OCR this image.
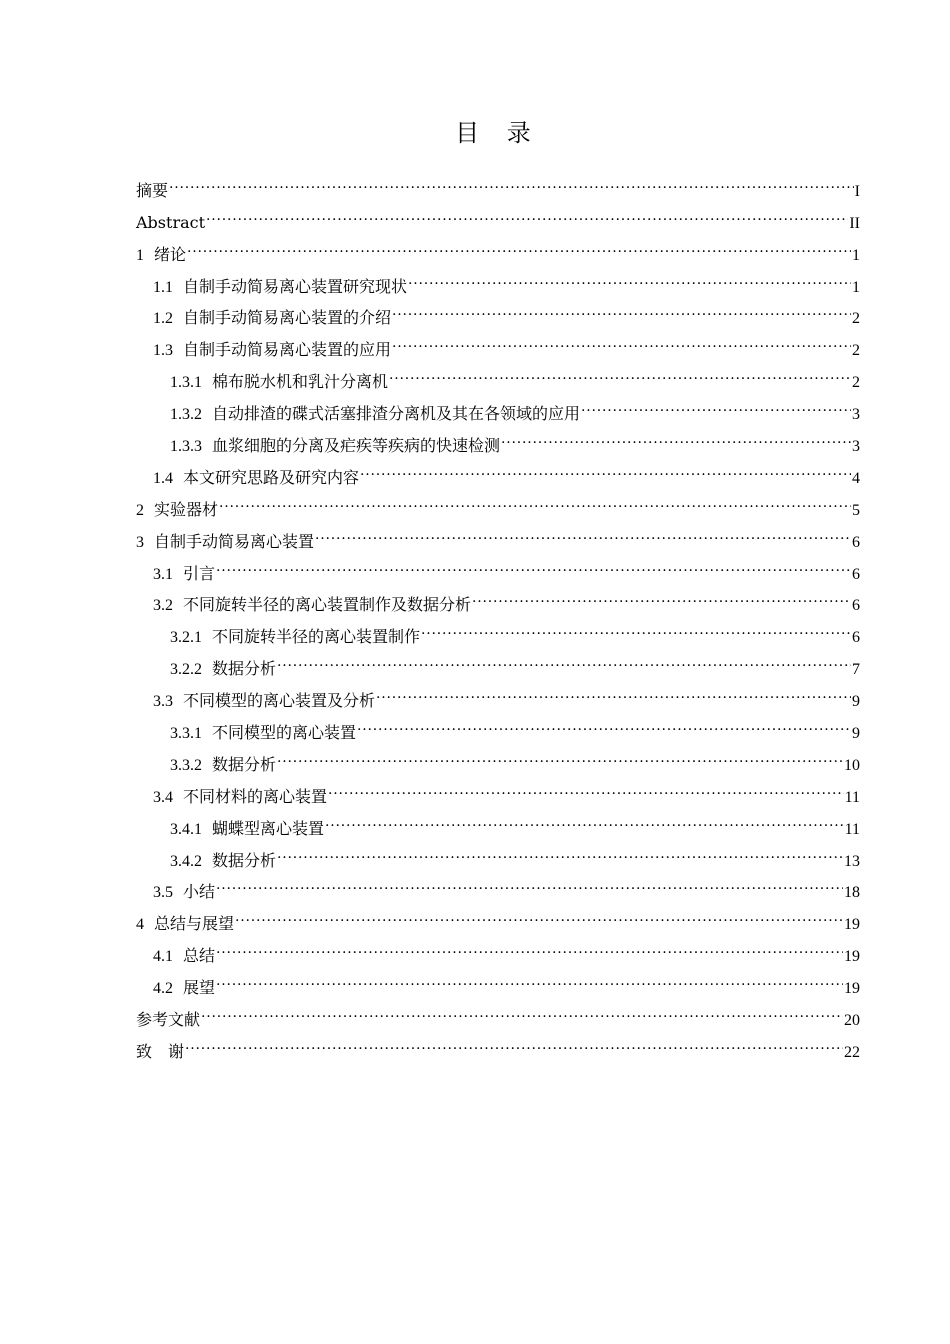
目 录
摘要 .....	I
Abstract .....	II
1 绪论 .....	1
1.1 自制手动简易离心装置研究现状 .....	1
1.2 自制手动简易离心装置的介绍 .....	2
1.3 自制手动简易离心装置的应用 .....	2
1.3.1 棉布脱水机和乳汁分离机 .....	2
1.3.2 自动排渣的碟式活塞排渣分离机及其在各领域的应用 .....	3
1.3.3 血浆细胞的分离及疟疾等疾病的快速检测 .....	3
1.4 本文研究思路及研究内容 .....	4
2 实验器材 .....	5
3 自制手动简易离心装置 .....	6
3.1 引言 .....	6
3.2 不同旋转半径的离心装置制作及数据分析 .....	6
3.2.1 不同旋转半径的离心装置制作 .....	6
3.2.2 数据分析 .....	7
3.3 不同模型的离心装置及分析 .....	9
3.3.1 不同模型的离心装置 .....	9
3.3.2 数据分析 .....	10
3.4 不同材料的离心装置 .....	11
3.4.1 蝴蝶型离心装置 .....	11
3.4.2 数据分析 .....	13
3.5 小结 .....	18
4 总结与展望 .....	19
4.1 总结 .....	19
4.2 展望 .....	19
参考文献 .....	20
致　谢 .....	22
